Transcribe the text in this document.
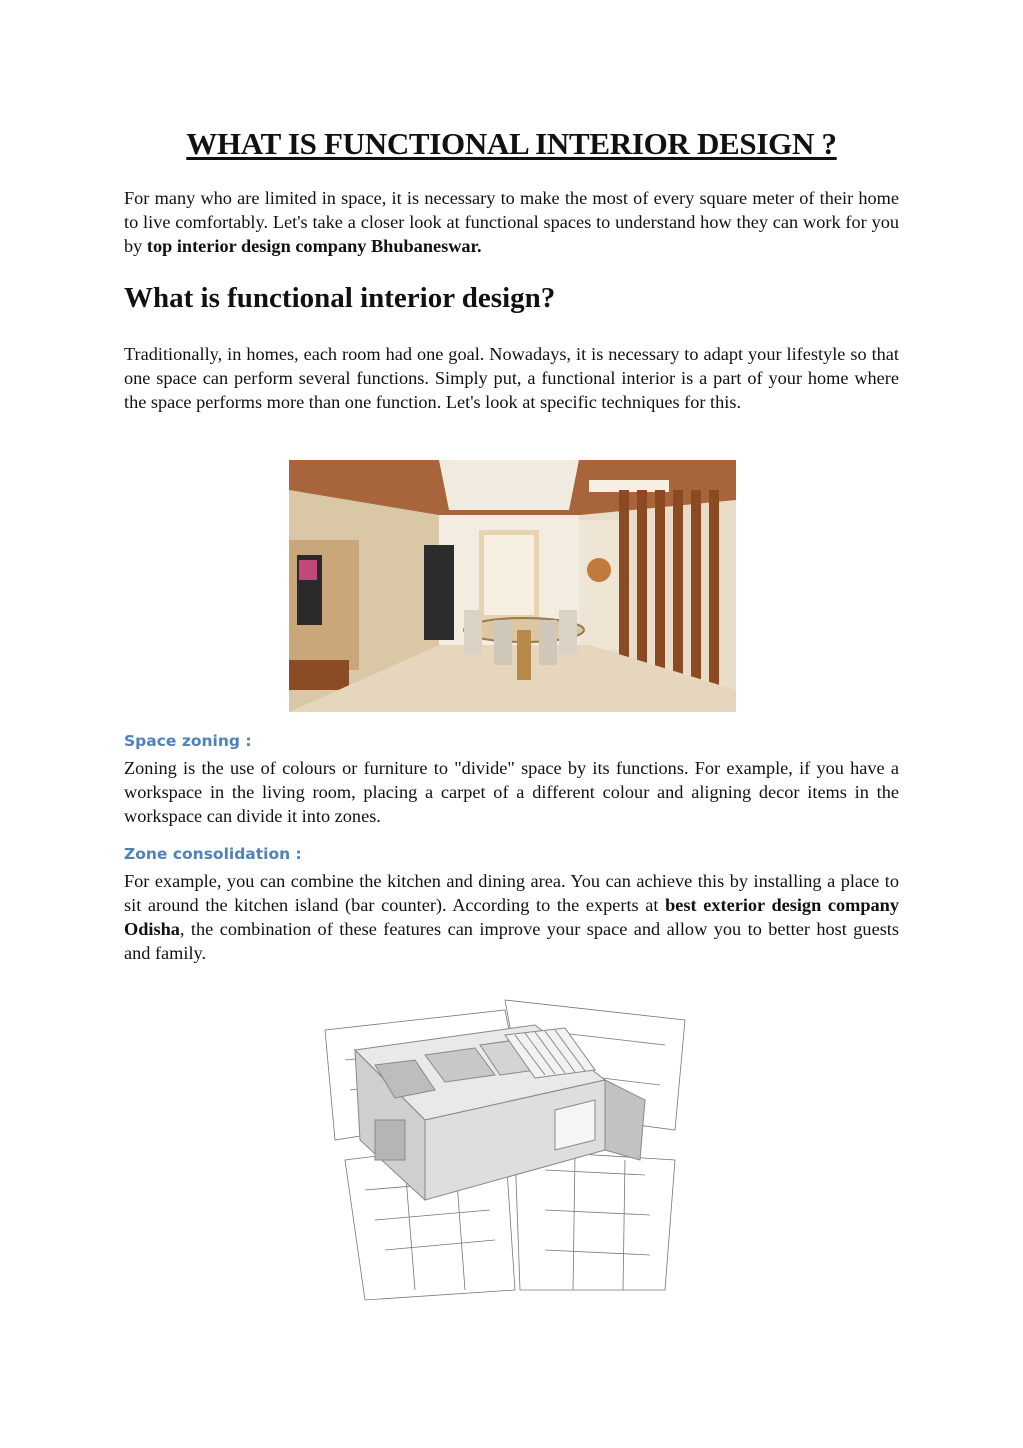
WHAT IS FUNCTIONAL INTERIOR DESIGN ?
For many who are limited in space, it is necessary to make the most of every square meter of their home to live comfortably. Let's take a closer look at functional spaces to understand how they can work for you by top interior design company Bhubaneswar.
What is functional interior design?
Traditionally, in homes, each room had one goal. Nowadays, it is necessary to adapt your lifestyle so that one space can perform several functions. Simply put, a functional interior is a part of your home where the space performs more than one function. Let's look at specific techniques for this.
Space zoning :
Zoning is the use of colours or furniture to "divide" space by its functions. For example, if you have a workspace in the living room, placing a carpet of a different colour and aligning decor items in the workspace can divide it into zones.
Zone consolidation :
For example, you can combine the kitchen and dining area. You can achieve this by installing a place to sit around the kitchen island (bar counter). According to the experts at best exterior design company Odisha, the combination of these features can improve your space and allow you to better host guests and family.
